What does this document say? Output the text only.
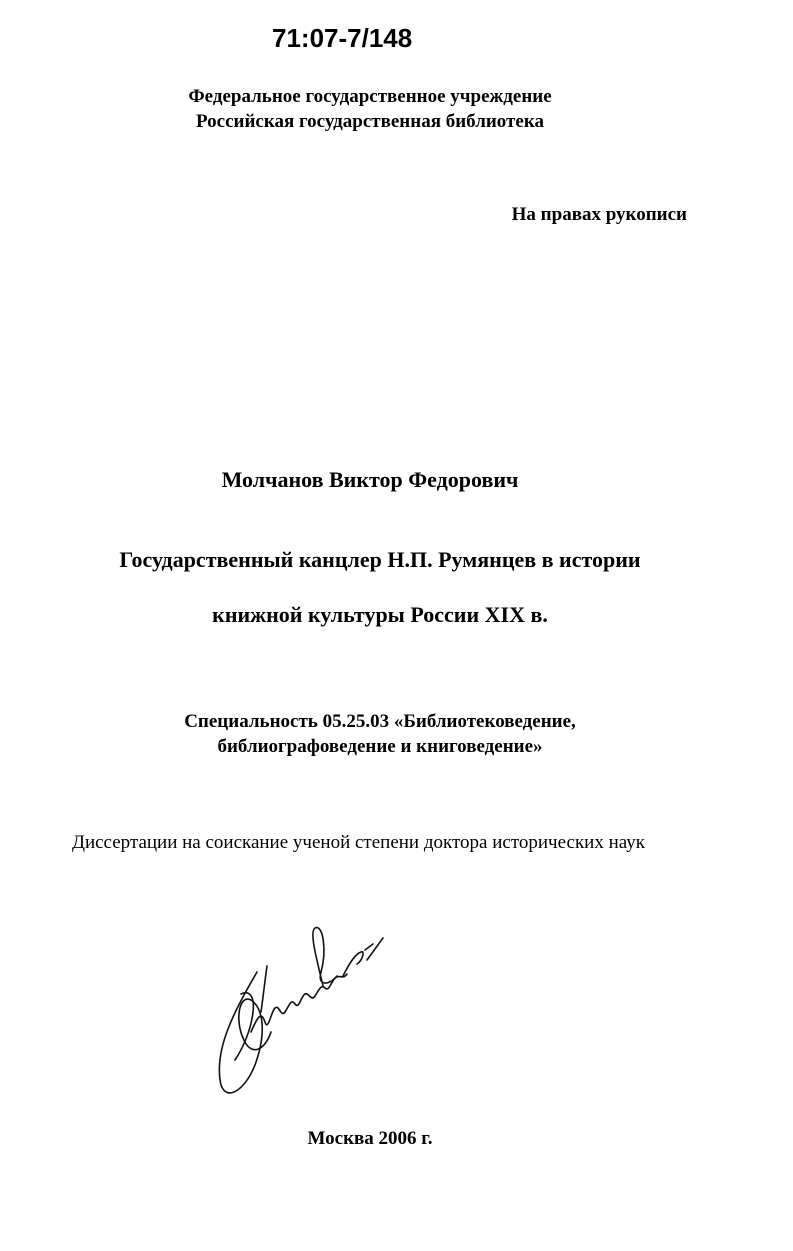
71:07-7/148
Федеральное государственное учреждение
Российская государственная библиотека
На правах рукописи
Молчанов Виктор Федорович
Государственный канцлер Н.П. Румянцев в истории
книжной культуры России XIX в.
Специальность 05.25.03 «Библиотековедение,
библиографоведение и книговедение»
Диссертации на соискание ученой степени доктора исторических наук
Москва 2006 г.
